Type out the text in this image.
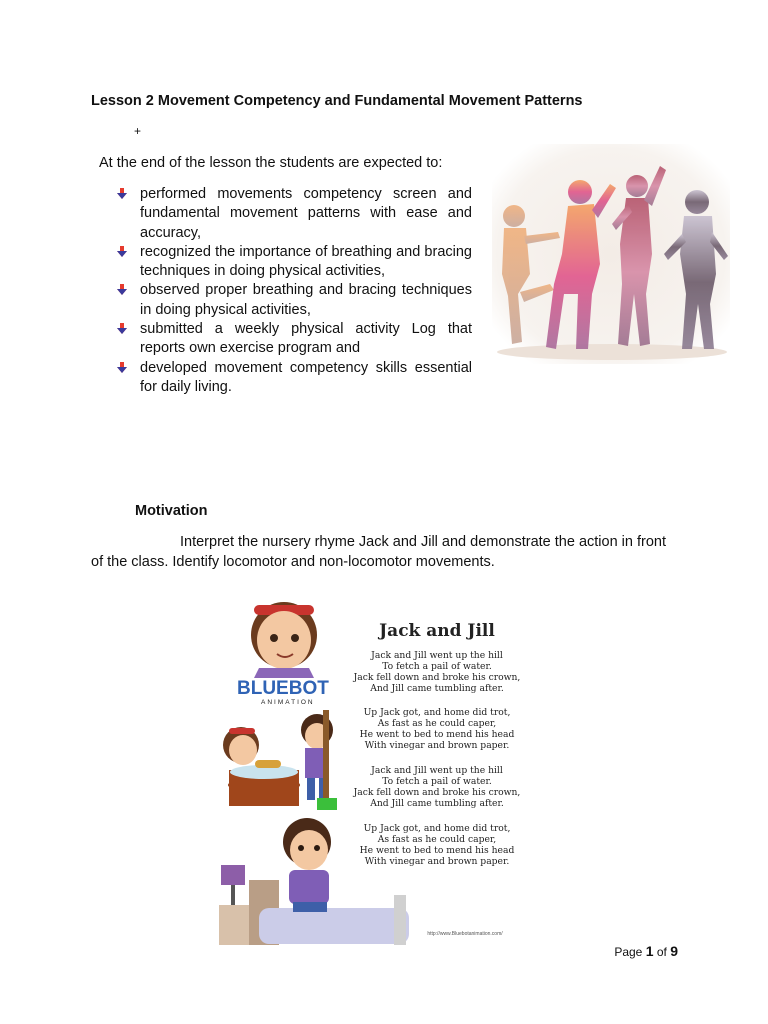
Lesson 2 Movement Competency and Fundamental Movement Patterns
+
At the end of the lesson the students are expected to:
performed movements competency screen and fundamental movement patterns with ease and accuracy,
recognized the importance of breathing and bracing techniques in doing physical activities,
observed proper breathing and bracing techniques in doing physical activities,
submitted a weekly physical activity Log that reports own exercise program and
developed movement competency skills essential for daily living.
Motivation
Interpret the nursery rhyme Jack and Jill and demonstrate the action in front of the class. Identify locomotor and non-locomotor movements.
BLUEBOT
ANIMATION
Jack and Jill
Jack and Jill went up the hill
To fetch a pail of water.
Jack fell down and broke his crown,
And Jill came tumbling after.
Up Jack got, and home did trot,
As fast as he could caper,
He went to bed to mend his head
With vinegar and brown paper.
Jack and Jill went up the hill
To fetch a pail of water.
Jack fell down and broke his crown,
And Jill came tumbling after.
Up Jack got, and home did trot,
As fast as he could caper,
He went to bed to mend his head
With vinegar and brown paper.
http://www.Bluebotanimation.com/
Page 1 of 9
